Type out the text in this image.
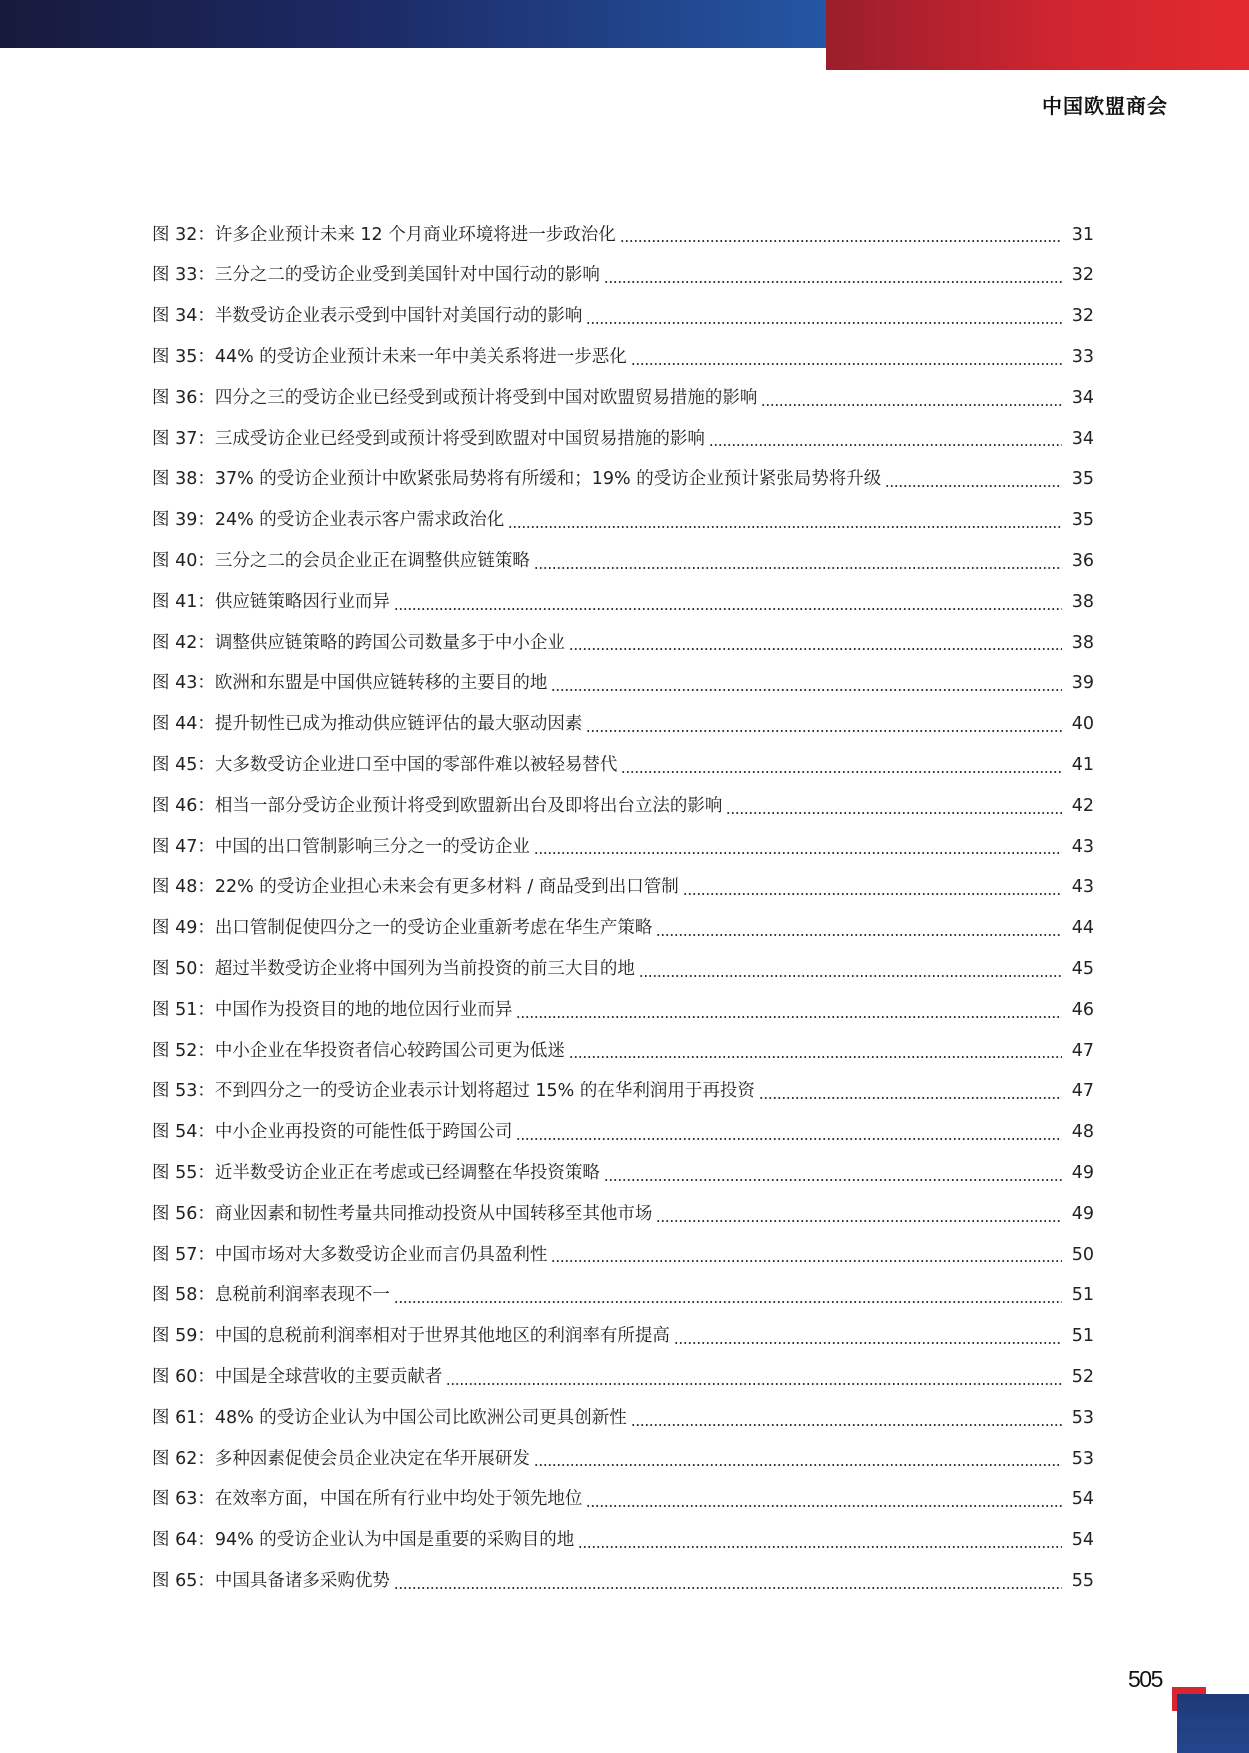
中国欧盟商会
图 32：许多企业预计未来 12 个月商业环境将进一步政治化	31
图 33：三分之二的受访企业受到美国针对中国行动的影响	32
图 34：半数受访企业表示受到中国针对美国行动的影响	32
图 35：44% 的受访企业预计未来一年中美关系将进一步恶化	33
图 36：四分之三的受访企业已经受到或预计将受到中国对欧盟贸易措施的影响	34
图 37：三成受访企业已经受到或预计将受到欧盟对中国贸易措施的影响	34
图 38：37% 的受访企业预计中欧紧张局势将有所缓和；19% 的受访企业预计紧张局势将升级	35
图 39：24% 的受访企业表示客户需求政治化	35
图 40：三分之二的会员企业正在调整供应链策略	36
图 41：供应链策略因行业而异	38
图 42：调整供应链策略的跨国公司数量多于中小企业	38
图 43：欧洲和东盟是中国供应链转移的主要目的地	39
图 44：提升韧性已成为推动供应链评估的最大驱动因素	40
图 45：大多数受访企业进口至中国的零部件难以被轻易替代	41
图 46：相当一部分受访企业预计将受到欧盟新出台及即将出台立法的影响	42
图 47：中国的出口管制影响三分之一的受访企业	43
图 48：22% 的受访企业担心未来会有更多材料 / 商品受到出口管制	43
图 49：出口管制促使四分之一的受访企业重新考虑在华生产策略	44
图 50：超过半数受访企业将中国列为当前投资的前三大目的地	45
图 51：中国作为投资目的地的地位因行业而异	46
图 52：中小企业在华投资者信心较跨国公司更为低迷	47
图 53：不到四分之一的受访企业表示计划将超过 15% 的在华利润用于再投资	47
图 54：中小企业再投资的可能性低于跨国公司	48
图 55：近半数受访企业正在考虑或已经调整在华投资策略	49
图 56：商业因素和韧性考量共同推动投资从中国转移至其他市场	49
图 57：中国市场对大多数受访企业而言仍具盈利性	50
图 58：息税前利润率表现不一	51
图 59：中国的息税前利润率相对于世界其他地区的利润率有所提高	51
图 60：中国是全球营收的主要贡献者	52
图 61：48% 的受访企业认为中国公司比欧洲公司更具创新性	53
图 62：多种因素促使会员企业决定在华开展研发	53
图 63：在效率方面，中国在所有行业中均处于领先地位	54
图 64：94% 的受访企业认为中国是重要的采购目的地	54
图 65：中国具备诸多采购优势	55
505
